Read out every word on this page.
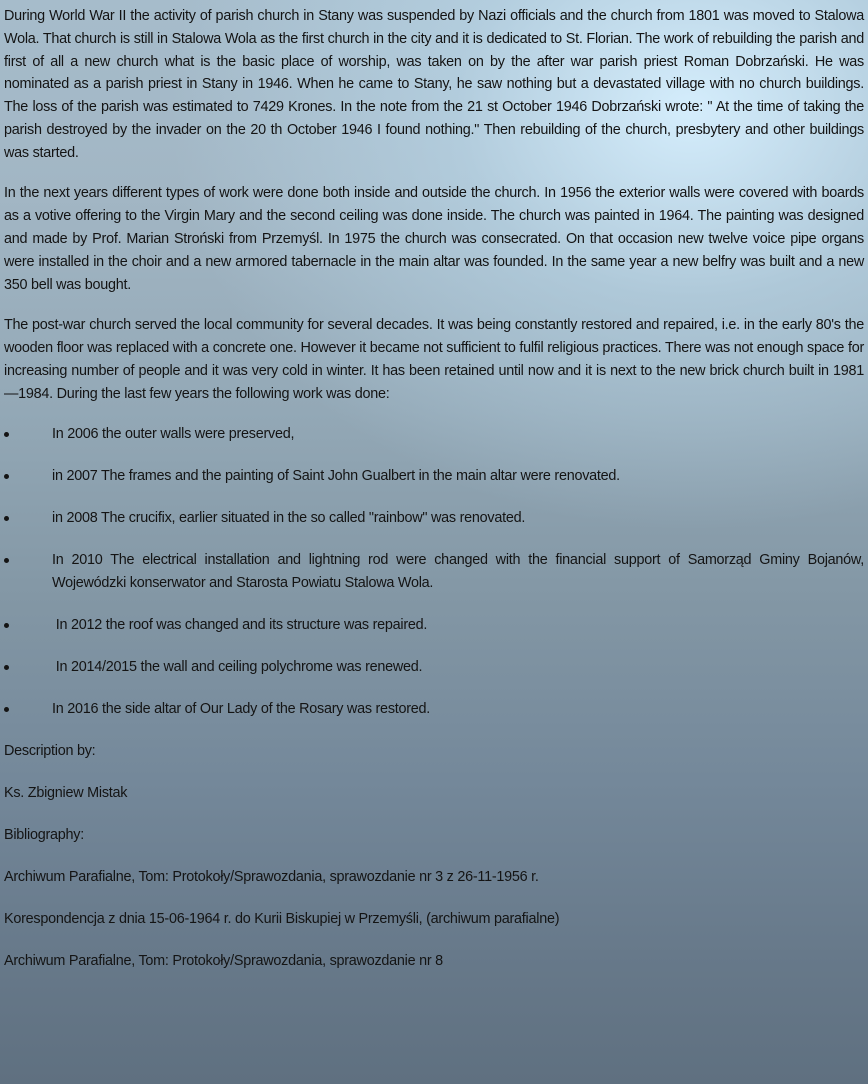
During World War II the activity of parish church in Stany was suspended by Nazi officials and the church from 1801 was moved to Stalowa Wola. That church is still in Stalowa Wola as the first church in the city and it is dedicated to St. Florian. The work of rebuilding the parish and first of all a new church what is the basic place of worship, was taken on by the after war parish priest Roman Dobrzański. He was nominated as a parish priest in Stany in 1946. When he came to Stany, he saw nothing but a devastated village with no church buildings. The loss of the parish was estimated to 7429 Krones. In the note from the 21 st October 1946 Dobrzański wrote: " At the time of taking the parish destroyed by the invader on the 20 th October 1946 I found nothing." Then rebuilding of the church, presbytery and other buildings was started.

In the next years different types of work were done both inside and outside the church. In 1956 the exterior walls were covered with boards as a votive offering to the Virgin Mary and the second ceiling was done inside. The church was painted in 1964. The painting was designed and made by Prof. Marian Stroński from Przemyśl. In 1975 the church was consecrated. On that occasion new twelve voice pipe organs were installed in the choir and a new armored tabernacle in the main altar was founded. In the same year a new belfry was built and a new 350 bell was bought.

The post-war church served the local community for several decades. It was being constantly restored and repaired, i.e. in the early 80's the wooden floor was replaced with a concrete one. However it became not sufficient to fulfil religious practices. There was not enough space for increasing number of people and it was very cold in winter. It has been retained until now and it is next to the new brick church built in 1981—1984. During the last few years the following work was done:

In 2006 the outer walls were preserved,
in 2007 The frames and the painting of Saint John Gualbert in the main altar were renovated.
in 2008 The crucifix, earlier situated in the so called "rainbow" was renovated.
In 2010 The electrical installation and lightning rod were changed with the financial support of Samorząd Gminy Bojanów, Wojewódzki konserwator and Starosta Powiatu Stalowa Wola.
In 2012 the roof was changed and its structure was repaired.
In 2014/2015 the wall and ceiling polychrome was renewed.
In 2016 the side altar of Our Lady of the Rosary was restored.

Description by:

Ks. Zbigniew Mistak

Bibliography:

Archiwum Parafialne, Tom: Protokoły/Sprawozdania, sprawozdanie nr 3 z 26-11-1956 r.

Korespondencja z dnia 15-06-1964 r. do Kurii Biskupiej w Przemyśli, (archiwum parafialne)

Archiwum Parafialne, Tom: Protokoły/Sprawozdania, sprawozdanie nr 8
